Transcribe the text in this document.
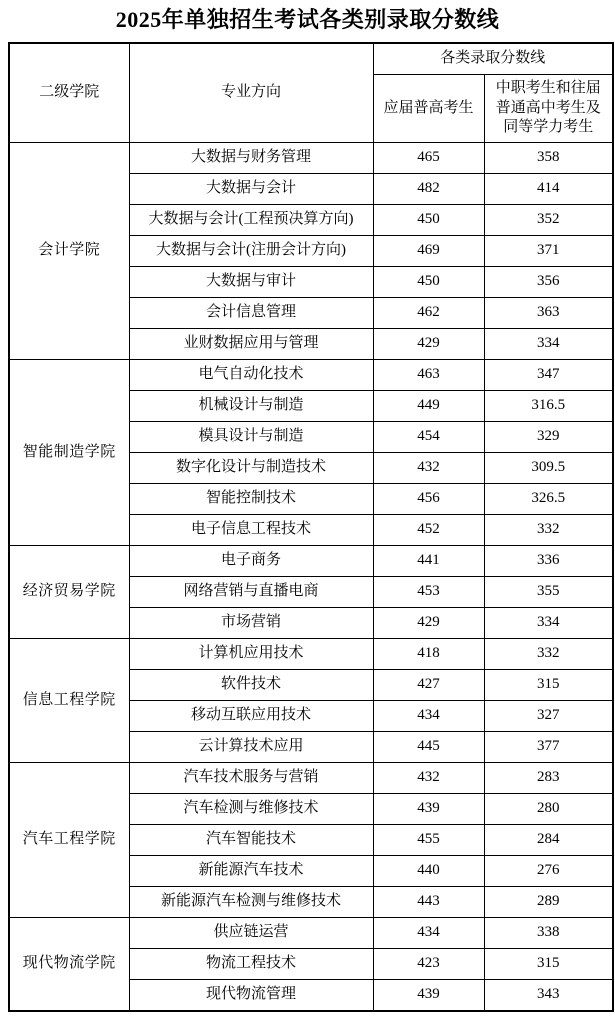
2025年单独招生考试各类别录取分数线
二级学院	专业方向	各类录取分数线	
		应届普高考生	中职考生和往届普通高中考生及同等学力考生
会计学院	大数据与财务管理	465	358
	大数据与会计	482	414
	大数据与会计(工程预决算方向)	450	352
	大数据与会计(注册会计方向)	469	371
	大数据与审计	450	356
	会计信息管理	462	363
	业财数据应用与管理	429	334
智能制造学院	电气自动化技术	463	347
	机械设计与制造	449	316.5
	模具设计与制造	454	329
	数字化设计与制造技术	432	309.5
	智能控制技术	456	326.5
	电子信息工程技术	452	332
经济贸易学院	电子商务	441	336
	网络营销与直播电商	453	355
	市场营销	429	334
信息工程学院	计算机应用技术	418	332
	软件技术	427	315
	移动互联应用技术	434	327
	云计算技术应用	445	377
汽车工程学院	汽车技术服务与营销	432	283
	汽车检测与维修技术	439	280
	汽车智能技术	455	284
	新能源汽车技术	440	276
	新能源汽车检测与维修技术	443	289
现代物流学院	供应链运营	434	338
	物流工程技术	423	315
	现代物流管理	439	343
